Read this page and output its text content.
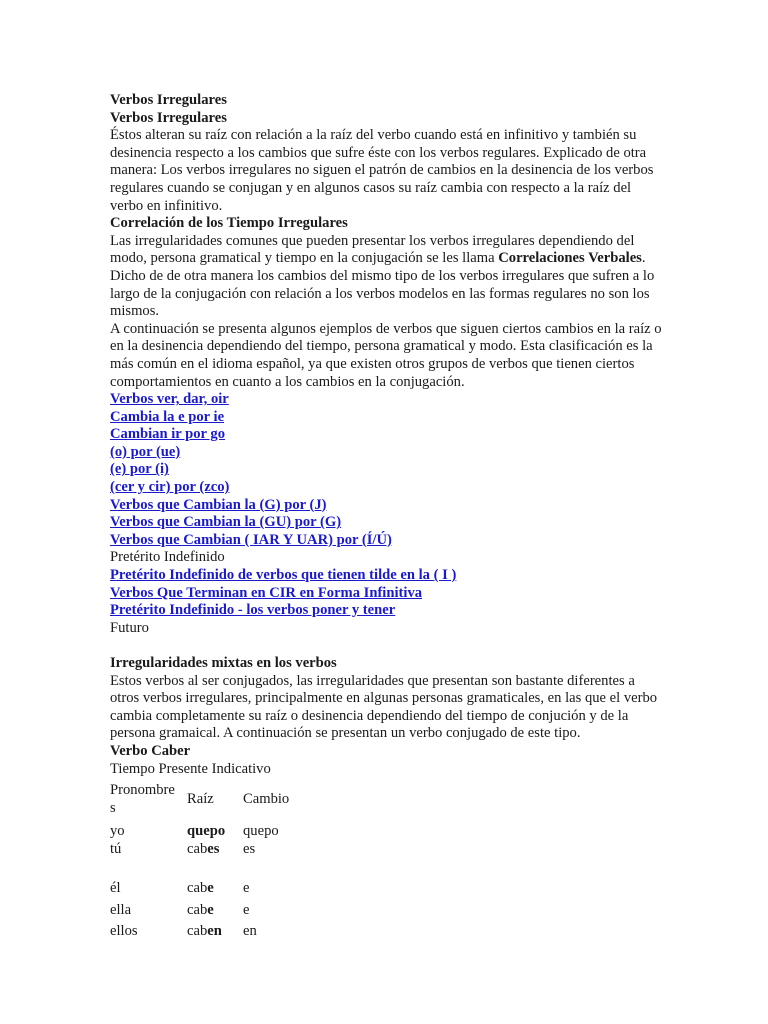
Verbos Irregulares

Verbos Irregulares

Éstos alteran su raíz con relación a la raíz del verbo cuando está en infinitivo y también su desinencia respecto a los cambios que sufre éste con los verbos regulares. Explicado de otra manera: Los verbos irregulares no siguen el patrón de cambios en la desinencia de los verbos regulares cuando se conjugan y en algunos casos su raíz cambia con respecto a la raíz del verbo en infinitivo.

Correlación de los Tiempo Irregulares

Las irregularidades comunes que pueden presentar los verbos irregulares dependiendo del modo, persona gramatical y tiempo en la conjugación se les llama Correlaciones Verbales. Dicho de de otra manera los cambios del mismo tipo de los verbos irregulares que sufren a lo largo de la conjugación con relación a los verbos modelos en las formas regulares no son los mismos.

A continuación se presenta algunos ejemplos de verbos que siguen ciertos cambios en la raíz o en la desinencia dependiendo del tiempo, persona gramatical y modo. Esta clasificación es la más común en el idioma español, ya que existen otros grupos de verbos que tienen ciertos comportamientos en cuanto a los cambios en la conjugación.

Verbos ver, dar, oir
Cambia la e por ie
Cambian ir por go
(o) por (ue)
(e) por (i)
(cer y cir) por (zco)
Verbos que Cambian la (G) por (J)
Verbos que Cambian la (GU) por (G)
Verbos que Cambian ( IAR Y UAR) por (Í/Ú)

Pretérito Indefinido

Pretérito Indefinido de verbos que tienen tilde en la ( I )
Verbos Que Terminan en CIR en Forma Infinitiva
Pretérito Indefinido - los verbos poner y tener

Futuro

Irregularidades mixtas en los verbos

Estos verbos al ser conjugados, las irregularidades que presentan son bastante diferentes a otros verbos irregulares, principalmente en algunas personas gramaticales, en las que el verbo cambia completamente su raíz o desinencia dependiendo del tiempo de conjución y de la persona gramaical. A continuación se presentan un verbo conjugado de este tipo.

Verbo Caber

Tiempo Presente Indicativo

Pronombres	Raíz	Cambio
yo	quepo	quepo
tú	cabes	es

él	cabe	e
ella	cabe	e
ellos	caben	en
